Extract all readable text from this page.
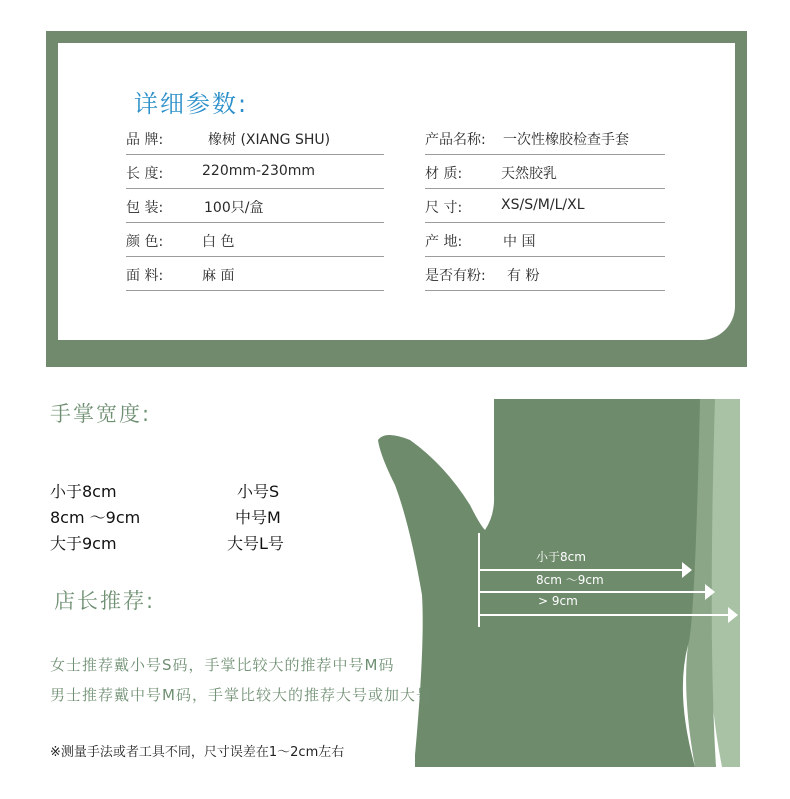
详细参数:
品 牌:	橡树 (XIANG SHU)	产品名称: 一次性橡胶检查手套
长 度:	220mm-230mm	材 质:	天然胶乳
包 装:	100只/盒	尺 寸:	XS/S/M/L/XL
颜 色:	白 色	产 地:	中 国
面 料:	麻 面	是否有粉: 有 粉
小于8cm
8cm ～9cm
> 9cm
手掌宽度:
小于8cm	小号S
8cm ～9cm	中号M
大于9cm	大号L号
店长推荐:
女士推荐戴小号S码，手掌比较大的推荐中号M码
男士推荐戴中号M码，手掌比较大的推荐大号或加大号
※测量手法或者工具不同，尺寸误差在1～2cm左右
